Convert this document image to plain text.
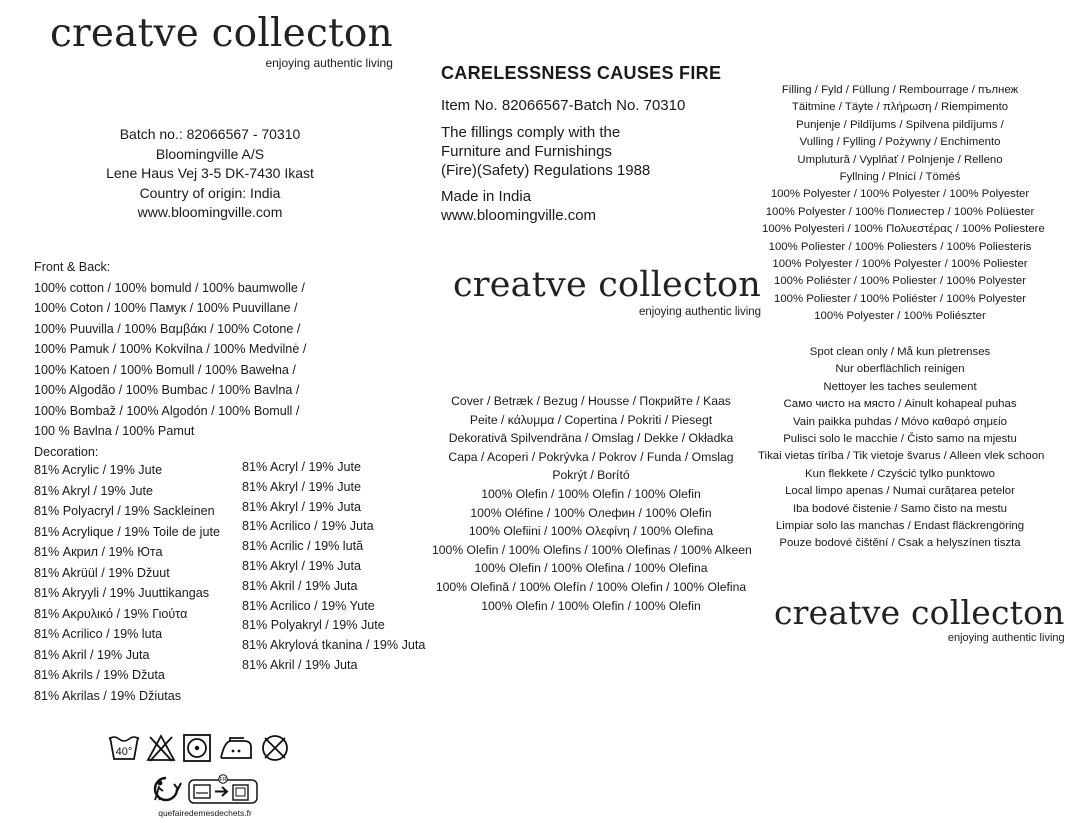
creatve collecton
enjoying authentic living
Batch no.: 82066567 - 70310
Bloomingville A/S
Lene Haus Vej 3-5 DK-7430 Ikast
Country of origin: India
www.bloomingville.com
CARELESSNESS CAUSES FIRE
Item No. 82066567-Batch No. 70310
The fillings comply with the
Furniture and Furnishings
(Fire)(Safety) Regulations 1988
Made in India
www.bloomingville.com
creatve collecton
enjoying authentic living
Front & Back:
100% cotton / 100% bomuld / 100% baumwolle /
100% Coton / 100% Памук / 100% Puuvillane /
100% Puuvilla / 100% Βαμβάκι / 100% Cotone /
100% Pamuk / 100% Kokvilna / 100% Medvilnė /
100% Katoen / 100% Bomull / 100% Bawełna /
100% Algodão / 100% Bumbac / 100% Bavlna /
100% Bombaž / 100% Algodón / 100% Bomull /
100 % Bavlna / 100% Pamut
Decoration:
81% Acrylic / 19% Jute
81% Akryl / 19% Jute
81% Polyacryl / 19% Sackleinen
81% Acrylique / 19% Toile de jute
81% Акрил / 19% Юта
81% Akrüül / 19% Džuut
81% Akryyli / 19% Juuttikangas
81% Ακρυλικό / 19% Γιούτα
81% Acrilico / 19% luta
81% Akril / 19% Juta
81% Akrils / 19% Džuta
81% Akrilas / 19% Džiutas
81% Acryl / 19% Jute
81% Akryl / 19% Jute
81% Akryl / 19% Juta
81% Acrilico / 19% Juta
81% Acrilic / 19% lută
81% Akryl / 19% Juta
81% Akril / 19% Juta
81% Acrilico / 19% Yute
81% Polyakryl / 19% Jute
81% Akrylová tkanina / 19% Juta
81% Akril / 19% Juta
Cover / Betræk / Bezug / Housse / Покрийте / Kaas
Peite / κάλυμμα / Copertina / Pokriti / Piesegt
Dekorativā Spilvendrāna / Omslag / Dekke / Okładka
Capa / Acoperi / Pokrývka / Pokrov / Funda / Omslag
Pokrýt / Borító
100% Olefin / 100% Olefin / 100% Olefin
100% Oléfine / 100% Олефин / 100% Olefin
100% Olefiini / 100% Ολεφίνη / 100% Olefina
100% Olefin / 100% Olefins / 100% Olefinas / 100% Alkeen
100% Olefin / 100% Olefina / 100% Olefina
100% Olefină / 100% Olefín / 100% Olefin / 100% Olefina
100% Olefin / 100% Olefin / 100% Olefin
Filling / Fyld / Füllung / Rembourrage / пълнеж
Täitmine / Täyte / πλήρωση / Riempimento
Punjenje / Pildījums / Spilvena pildījums /
Vulling / Fylling / Pożywny / Enchimento
Umplutură / Vyplňať / Polnjenje / Relleno
Fyllning / Plnicí / Töméś
100% Polyester / 100% Polyester / 100% Polyester
100% Polyester / 100% Полиестер / 100% Polüester
100% Polyesteri / 100% Πολυεστέρας / 100% Poliestere
100% Poliester / 100% Poliesters / 100% Poliesteris
100% Polyester / 100% Polyester / 100% Poliester
100% Poliéster / 100% Poliester / 100% Polyester
100% Poliester / 100% Poliéster / 100% Polyester
100% Polyester / 100% Poliészter
Spot clean only / Må kun pletrenses
Nur oberflächlich reinigen
Nettoyer les taches seulement
Само чисто на място / Ainult kohapeal puhas
Vain paikka puhdas / Μόνο καθαρό σημείο
Pulisci solo le macchie / Čisto samo na mjestu
Tikai vietas tīrība / Tik vietoje švarus / Alleen vlek schoon
Kun flekkete / Czyścić tylko punktowo
Local limpo apenas / Numai curățarea petelor
Iba bodové čistenie / Samo čisto na mestu
Limpiar solo las manchas / Endast fläckrengöring
Pouze bodové čištění / Csak a helyszínen tiszta
creatve collecton
enjoying authentic living
40°
FR
quefairedemesdechets.fr
